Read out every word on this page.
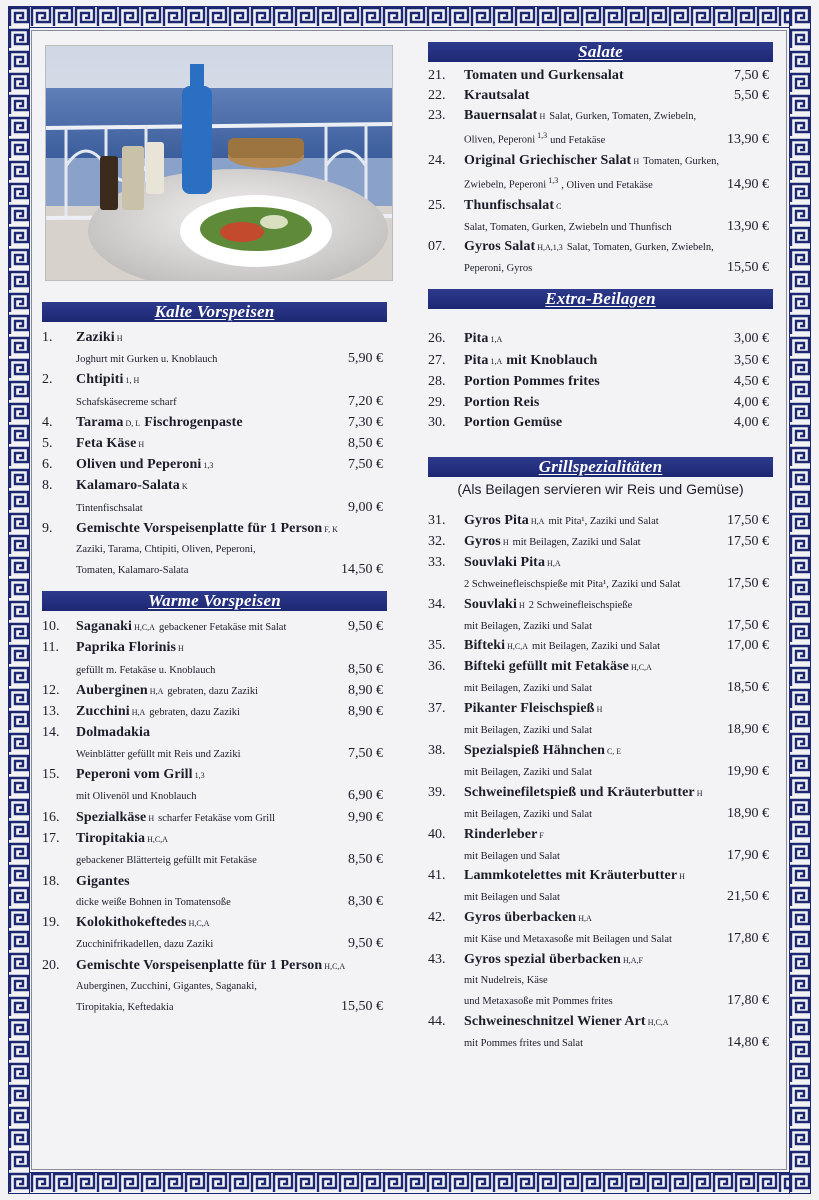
Kalte Vorspeisen
1.	Zaziki H
Joghurt mit Gurken u. Knoblauch	5,90 €
2.	Chtipiti 1, H
Schafskäsecreme scharf	7,20 €
4.	Tarama D, L Fischrogenpaste	7,30 €
5.	Feta Käse H	8,50 €
6.	Oliven und Peperoni 1,3	7,50 €
8.	Kalamaro-Salata K
Tintenfischsalat	9,00 €
9.	Gemischte Vorspeisenplatte für 1 Person F, K
Zaziki, Tarama, Chtipiti, Oliven, Peperoni,
Tomaten, Kalamaro-Salata	14,50 €
Warme Vorspeisen
10.	Saganaki H,C,A gebackener Fetakäse mit Salat	9,50 €
11.	Paprika Florinis H
gefüllt m. Fetakäse u. Knoblauch	8,50 €
12.	Auberginen H,A gebraten, dazu Zaziki	8,90 €
13.	Zucchini H,A gebraten, dazu Zaziki	8,90 €
14.	Dolmadakia
Weinblätter gefüllt mit Reis und Zaziki	7,50 €
15.	Peperoni vom Grill 1,3
mit Olivenöl und Knoblauch	6,90 €
16.	Spezialkäse H scharfer Fetakäse vom Grill	9,90 €
17.	Tiropitakia H,C,A
gebackener Blätterteig gefüllt mit Fetakäse	8,50 €
18.	Gigantes
dicke weiße Bohnen in Tomatensoße	8,30 €
19.	Kolokithokeftedes H,C,A
Zucchinifrikadellen, dazu Zaziki	9,50 €
20.	Gemischte Vorspeisenplatte für 1 Person H,C,A
Auberginen, Zucchini, Gigantes, Saganaki,
Tiropitakia, Keftedakia	15,50 €
Salate
21.	Tomaten und Gurkensalat	7,50 €
22.	Krautsalat	5,50 €
23.	Bauernsalat H Salat, Gurken, Tomaten, Zwiebeln,
Oliven, Peperoni $^{1,3}$ und Fetakäse	13,90 €
24.	Original Griechischer Salat H Tomaten, Gurken,
Zwiebeln, Peperoni $^{1,3}$ , Oliven und Fetakäse	14,90 €
25.	Thunfischsalat C
Salat, Tomaten, Gurken, Zwiebeln und Thunfisch	13,90 €
07.	Gyros Salat H,A,1,3 Salat, Tomaten, Gurken, Zwiebeln,
Peperoni, Gyros	15,50 €
Extra-Beilagen
26.	Pita 1,A	3,00 €
27.	Pita 1,A mit Knoblauch	3,50 €
28.	Portion Pommes frites	4,50 €
29.	Portion Reis	4,00 €
30.	Portion Gemüse	4,00 €
Grillspezialitäten
(Als Beilagen servieren wir Reis und Gemüse)
31.	Gyros Pita H,A mit Pita¹, Zaziki und Salat	17,50 €
32.	Gyros H mit Beilagen, Zaziki und Salat	17,50 €
33.	Souvlaki Pita H,A
2 Schweinefleischspieße mit Pita¹, Zaziki und Salat	17,50 €
34.	Souvlaki H 2 Schweinefleischspieße
mit Beilagen, Zaziki und Salat	17,50 €
35.	Bifteki H,C,A mit Beilagen, Zaziki und Salat	17,00 €
36.	Bifteki gefüllt mit Fetakäse H,C,A
mit Beilagen, Zaziki und Salat	18,50 €
37.	Pikanter Fleischspieß H
mit Beilagen, Zaziki und Salat	18,90 €
38.	Spezialspieß Hähnchen C, E
mit Beilagen, Zaziki und Salat	19,90 €
39.	Schweinefiletspieß und Kräuterbutter H
mit Beilagen, Zaziki und Salat	18,90 €
40.	Rinderleber F
mit Beilagen und Salat	17,90 €
41.	Lammkotelettes mit Kräuterbutter H
mit Beilagen und Salat	21,50 €
42.	Gyros überbacken H,A
mit Käse und Metaxasoße mit Beilagen und Salat	17,80 €
43.	Gyros spezial überbacken H,A,F
mit Nudelreis, Käse
und Metaxasoße mit Pommes frites	17,80 €
44.	Schweineschnitzel Wiener Art H,C,A
mit Pommes frites und Salat	14,80 €
